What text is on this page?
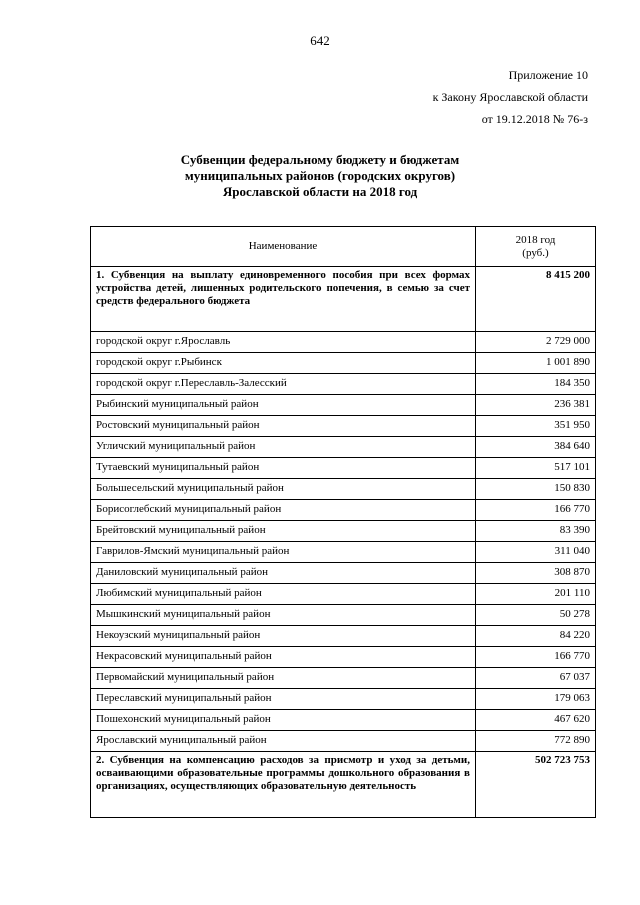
642
Приложение 10
к Закону Ярославской области
от 19.12.2018 № 76-з
Субвенции федеральному бюджету и бюджетам
муниципальных районов (городских округов)
Ярославской области на 2018 год
Наименование	2018 год
(руб.)

1. Субвенция на выплату единовременного пособия при всех формах устройства детей, лишенных родительского попечения, в семью за счет средств федерального бюджета	8 415 200
городской округ г.Ярославль	2 729 000
городской округ г.Рыбинск	1 001 890
городской округ г.Переславль-Залесский	184 350
Рыбинский муниципальный район	236 381
Ростовский муниципальный район	351 950
Угличский муниципальный район	384 640
Тутаевский муниципальный район	517 101
Большесельский муниципальный район	150 830
Борисоглебский муниципальный район	166 770
Брейтовский муниципальный район	83 390
Гаврилов-Ямский муниципальный район	311 040
Даниловский муниципальный район	308 870
Любимский муниципальный район	201 110
Мышкинский муниципальный район	50 278
Некоузский муниципальный район	84 220
Некрасовский муниципальный район	166 770
Первомайский муниципальный район	67 037
Переславский муниципальный район	179 063
Пошехонский муниципальный район	467 620
Ярославский муниципальный район	772 890
2. Субвенция на компенсацию расходов за присмотр и уход за детьми, осваивающими образовательные программы дошкольного образования в организациях, осуществляющих образовательную деятельность	502 723 753
